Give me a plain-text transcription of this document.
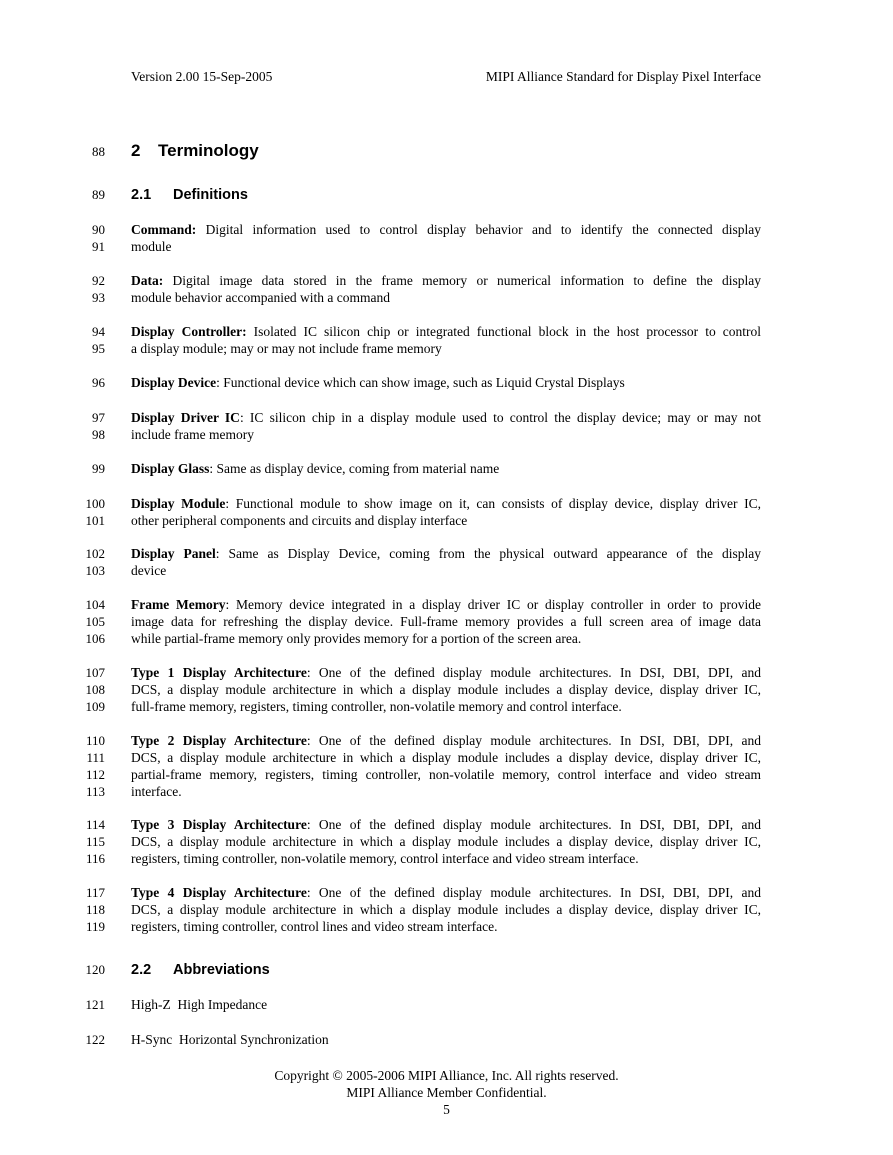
Version 2.00 15-Sep-2005	MIPI Alliance Standard for Display Pixel Interface
88 2 Terminology
89 2.1 Definitions
90 Command: Digital information used to control display behavior and to identify the connected display
91 module
92 Data: Digital image data stored in the frame memory or numerical information to define the display
93 module behavior accompanied with a command
94 Display Controller: Isolated IC silicon chip or integrated functional block in the host processor to control
95 a display module; may or may not include frame memory
96 Display Device: Functional device which can show image, such as Liquid Crystal Displays
97 Display Driver IC: IC silicon chip in a display module used to control the display device; may or may not
98 include frame memory
99 Display Glass: Same as display device, coming from material name
100 Display Module: Functional module to show image on it, can consists of display device, display driver IC,
101 other peripheral components and circuits and display interface
102 Display Panel: Same as Display Device, coming from the physical outward appearance of the display
103 device
104 Frame Memory: Memory device integrated in a display driver IC or display controller in order to provide
105 image data for refreshing the display device. Full-frame memory provides a full screen area of image data
106 while partial-frame memory only provides memory for a portion of the screen area.
107 Type 1 Display Architecture: One of the defined display module architectures. In DSI, DBI, DPI, and
108 DCS, a display module architecture in which a display module includes a display device, display driver IC,
109 full-frame memory, registers, timing controller, non-volatile memory and control interface.
110 Type 2 Display Architecture: One of the defined display module architectures. In DSI, DBI, DPI, and
111 DCS, a display module architecture in which a display module includes a display device, display driver IC,
112 partial-frame memory, registers, timing controller, non-volatile memory, control interface and video stream
113 interface.
114 Type 3 Display Architecture: One of the defined display module architectures. In DSI, DBI, DPI, and
115 DCS, a display module architecture in which a display module includes a display device, display driver IC,
116 registers, timing controller, non-volatile memory, control interface and video stream interface.
117 Type 4 Display Architecture: One of the defined display module architectures. In DSI, DBI, DPI, and
118 DCS, a display module architecture in which a display module includes a display device, display driver IC,
119 registers, timing controller, control lines and video stream interface.
120 2.2 Abbreviations
121 High-Z High Impedance
122 H-Sync Horizontal Synchronization
Copyright © 2005-2006 MIPI Alliance, Inc. All rights reserved.
MIPI Alliance Member Confidential.
5
